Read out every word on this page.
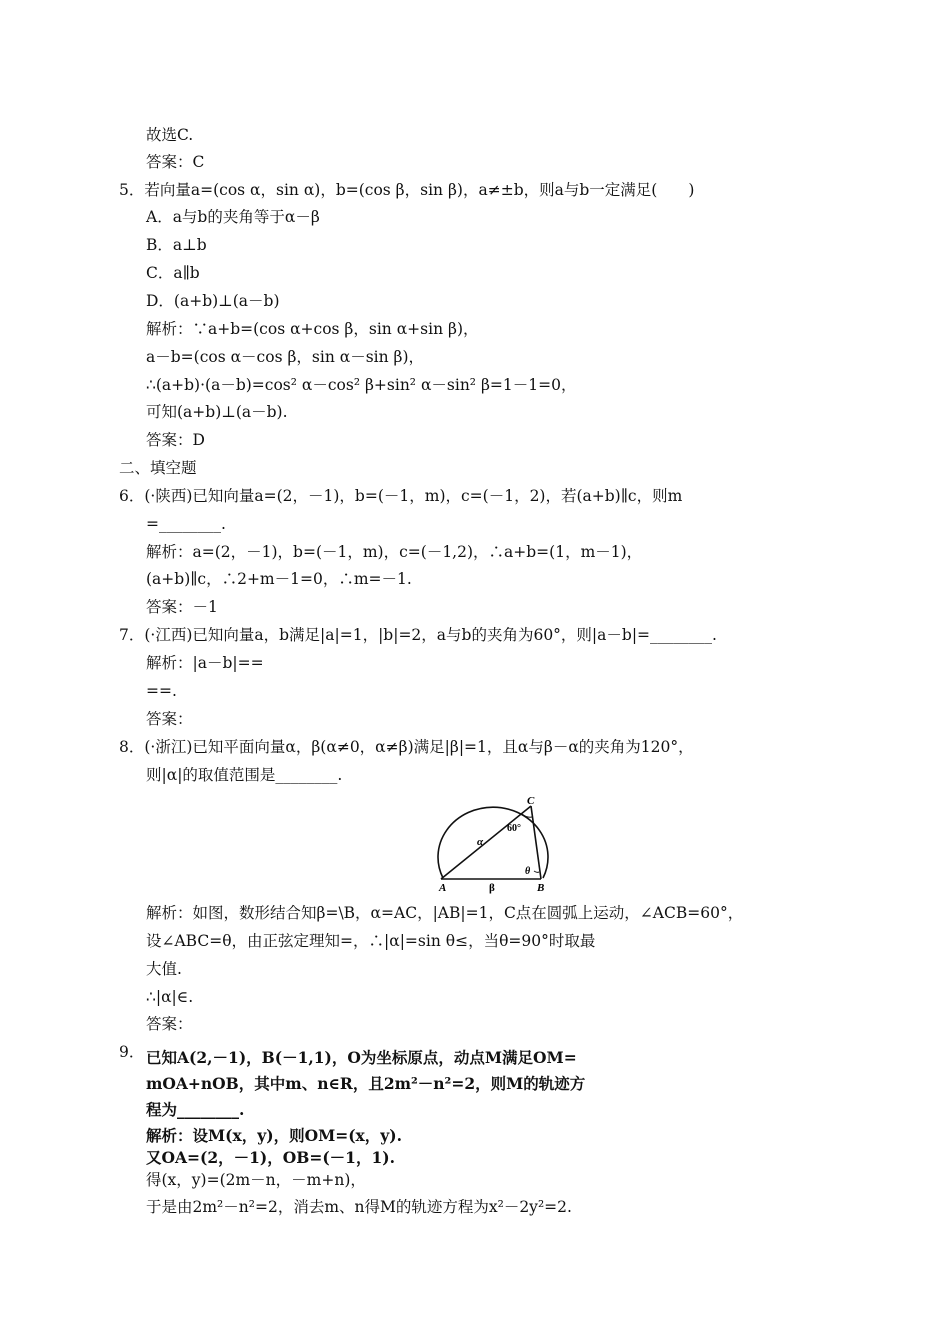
故选C.
答案：C
5．若向量a=(cos α，sin α)，b=(cos β，sin β)，a≠±b，则a与b一定满足(　　)
A．a与b的夹角等于α－β
B．a⊥b
C．a∥b
D．(a+b)⊥(a－b)
解析：∵a+b=(cos α+cos β，sin α+sin β)，
a－b=(cos α－cos β，sin α－sin β)，
∴(a+b)·(a－b)=cos² α－cos² β+sin² α－sin² β=1－1=0，
可知(a+b)⊥(a－b).
答案：D
二、填空题
6．(·陕西)已知向量a=(2，－1)，b=(－1，m)，c=(－1，2)，若(a+b)∥c，则m
=________.
解析：a=(2，－1)，b=(－1，m)，c=(－1,2)，∴a+b=(1，m－1)，
(a+b)∥c，∴2+m－1=0，∴m=－1.
答案：－1
7．(·江西)已知向量a，b满足|a|=1，|b|=2，a与b的夹角为60°，则|a－b|=________.
解析：|a－b|==
==.
答案：
8．(·浙江)已知平面向量α，β(α≠0，α≠β)满足|β|=1，且α与β－α的夹角为120°，
则|α|的取值范围是________.
C
60°
α
θ
A	β	B
解析：如图，数形结合知β=\B，α=AC，|AB|=1，C点在圆弧上运动，∠ACB=60°，
设∠ABC=θ，由正弦定理知=，∴|α|=sin θ≤，当θ=90°时取最
大值.
∴|α|∈.
答案：
9． 已知A(2,－1)，B(－1,1)，O为坐标原点，动点M满足OM=
mOA+nOB，其中m、n∈R，且2m²－n²=2，则M的轨迹方
程为________.
解析：设M(x，y)，则OM=(x，y).
又OA=(2，－1)，OB=(－1，1).
得(x，y)=(2m－n，－m+n)，
于是由2m²－n²=2，消去m、n得M的轨迹方程为x²－2y²=2.
